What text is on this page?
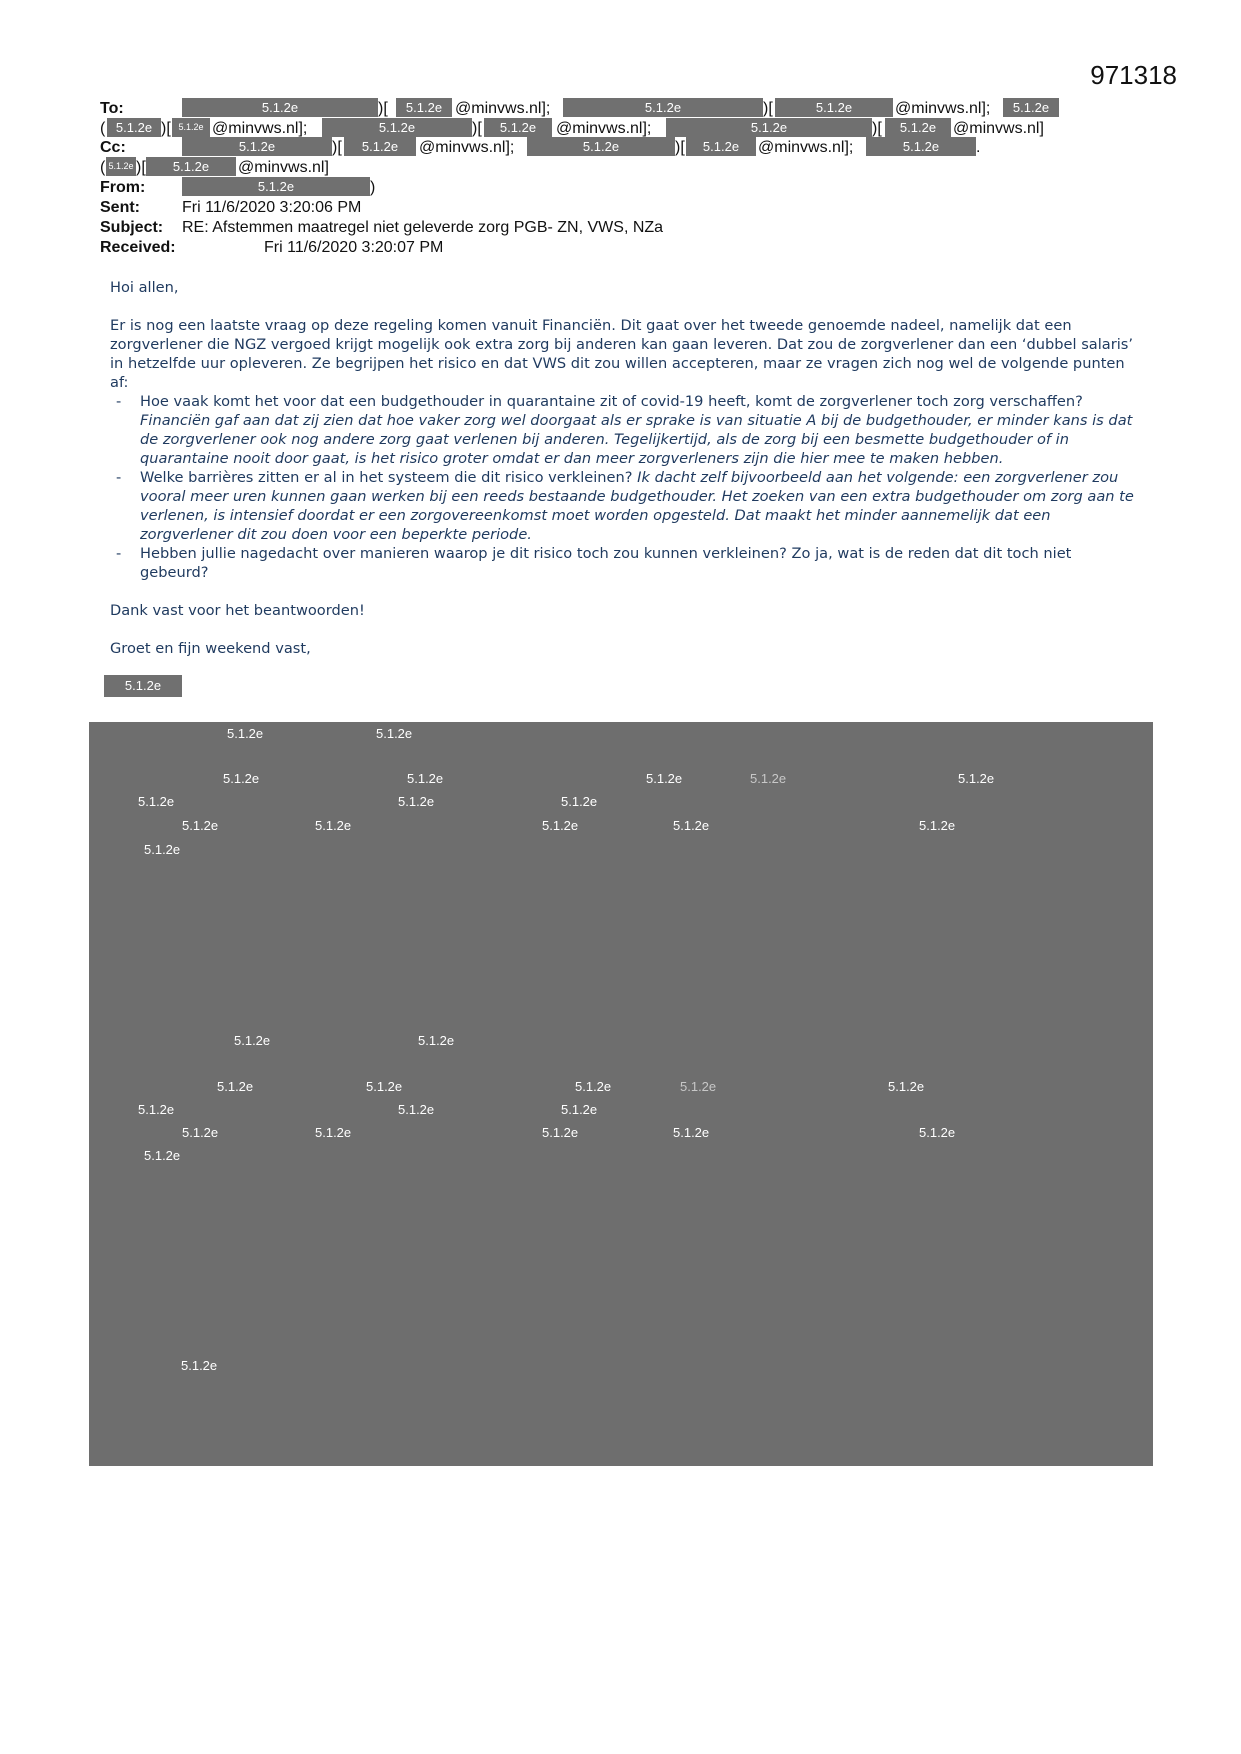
971318
To:	5.1.2e	)[	5.1.2e @minvws.nl];	5.1.2e	)[	5.1.2e	@minvws.nl];	5.1.2e
( 5.1.2e )[ 5.1.2e @minvws.nl];	5.1.2e	)[	5.1.2e	@minvws.nl];	5.1.2e	)[	5.1.2e	@minvws.nl]
Cc:	5.1.2e	)[	5.1.2e	@minvws.nl];	5.1.2e	)[	5.1.2e	@minvws.nl];	5.1.2e	.
( 5.1.2e )[	5.1.2e	@minvws.nl]
From:	5.1.2e	)
Sent:	Fri 11/6/2020 3:20:06 PM
Subject: RE: Afstemmen maatregel niet geleverde zorg PGB- ZN, VWS, NZa
Received:	Fri 11/6/2020 3:20:07 PM

Hoi allen,

Er is nog een laatste vraag op deze regeling komen vanuit Financiën. Dit gaat over het tweede genoemde nadeel, namelijk dat een zorgverlener die NGZ vergoed krijgt mogelijk ook extra zorg bij anderen kan gaan leveren. Dat zou de zorgverlener dan een ‘dubbel salaris’ in hetzelfde uur opleveren. Ze begrijpen het risico en dat VWS dit zou willen accepteren, maar ze vragen zich nog wel de volgende punten af:

- Hoe vaak komt het voor dat een budgethouder in quarantaine zit of covid-19 heeft, komt de zorgverlener toch zorg verschaffen? Financiën gaf aan dat zij zien dat hoe vaker zorg wel doorgaat als er sprake is van situatie A bij de budgethouder, er minder kans is dat de zorgverlener ook nog andere zorg gaat verlenen bij anderen. Tegelijkertijd, als de zorg bij een besmette budgethouder of in quarantaine nooit door gaat, is het risico groter omdat er dan meer zorgverleners zijn die hier mee te maken hebben.
- Welke barrières zitten er al in het systeem die dit risico verkleinen? Ik dacht zelf bijvoorbeeld aan het volgende: een zorgverlener zou vooral meer uren kunnen gaan werken bij een reeds bestaande budgethouder. Het zoeken van een extra budgethouder om zorg aan te verlenen, is intensief doordat er een zorgovereenkomst moet worden opgesteld. Dat maakt het minder aannemelijk dat een zorgverlener dit zou doen voor een beperkte periode.
- Hebben jullie nagedacht over manieren waarop je dit risico toch zou kunnen verkleinen? Zo ja, wat is de reden dat dit toch niet gebeurd?

Dank vast voor het beantwoorden!

Groet en fijn weekend vast,

5.1.2e
5.1.2e	5.1.2e
5.1.2e	5.1.2e	5.1.2e	5.1.2e	5.1.2e
5.1.2e	5.1.2e	5.1.2e
5.1.2e	5.1.2e	5.1.2e	5.1.2e	5.1.2e
5.1.2e
5.1.2e	5.1.2e
5.1.2e	5.1.2e	5.1.2e	5.1.2e	5.1.2e
5.1.2e	5.1.2e	5.1.2e
5.1.2e	5.1.2e	5.1.2e	5.1.2e	5.1.2e
5.1.2e
5.1.2e
